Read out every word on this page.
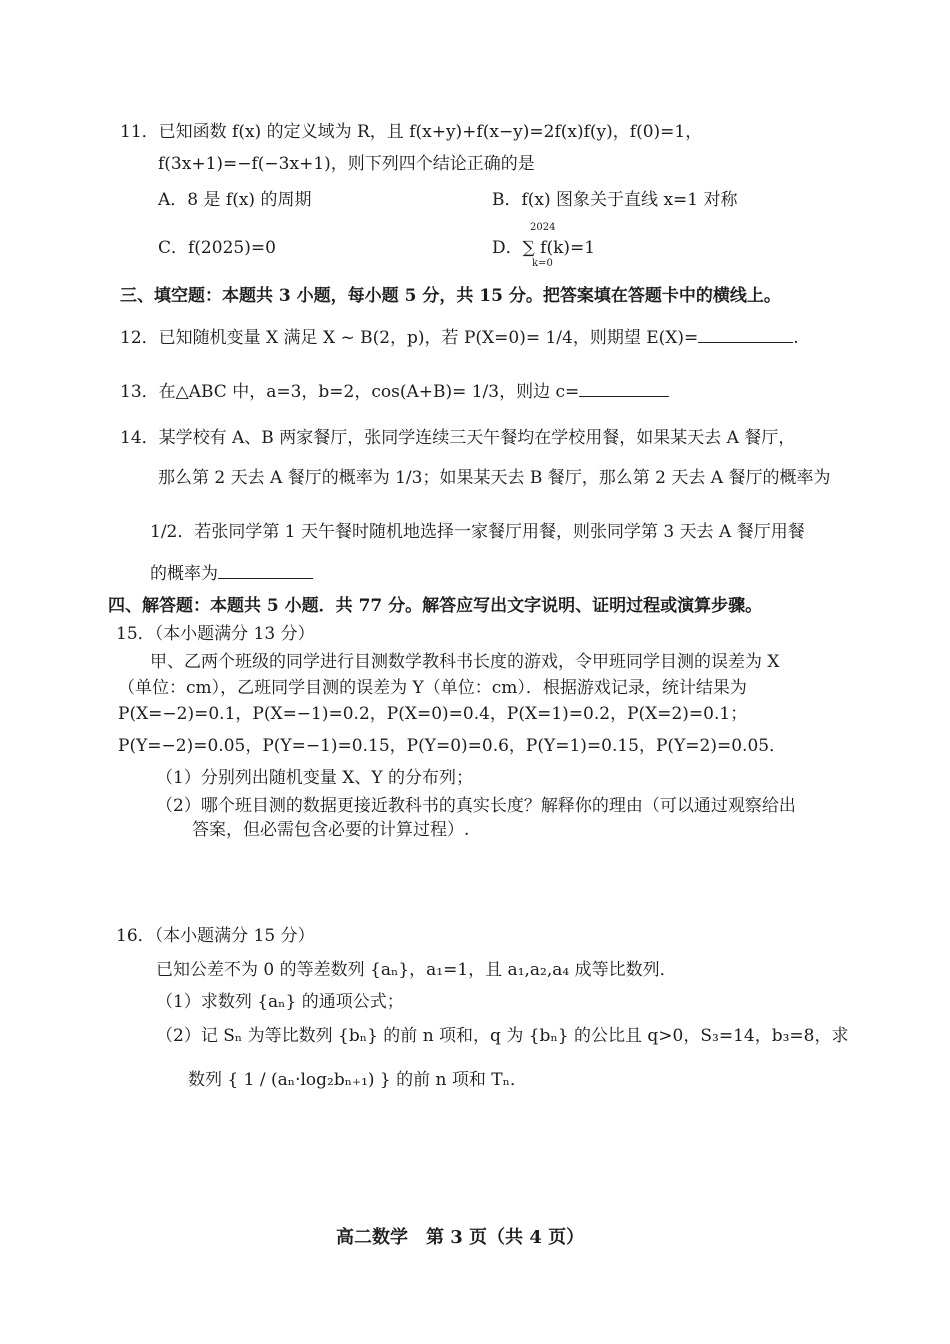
11．已知函数 f(x) 的定义域为 R，且 f(x+y)+f(x−y)=2f(x)f(y)，f(0)=1，
f(3x+1)=−f(−3x+1)，则下列四个结论正确的是
A．8 是 f(x) 的周期	B．f(x) 图象关于直线 x=1 对称
C．f(2025)=0	D．∑ f(k)=1
2024
k=0
三、填空题：本题共 3 小题，每小题 5 分，共 15 分。把答案填在答题卡中的横线上。
12．已知随机变量 X 满足 X ~ B(2，p)，若 P(X=0)= 1/4，则期望 E(X)=	.
13．在△ABC 中，a=3，b=2，cos(A+B)= 1/3，则边 c=
14．某学校有 A、B 两家餐厅，张同学连续三天午餐均在学校用餐，如果某天去 A 餐厅，
那么第 2 天去 A 餐厅的概率为 1/3；如果某天去 B 餐厅，那么第 2 天去 A 餐厅的概率为
1/2．若张同学第 1 天午餐时随机地选择一家餐厅用餐，则张同学第 3 天去 A 餐厅用餐
的概率为
四、解答题：本题共 5 小题．共 77 分。解答应写出文字说明、证明过程或演算步骤。
15．（本小题满分 13 分）
甲、乙两个班级的同学进行目测数学教科书长度的游戏，令甲班同学目测的误差为 X
（单位：cm），乙班同学目测的误差为 Y（单位：cm）．根据游戏记录，统计结果为
P(X=−2)=0.1，P(X=−1)=0.2，P(X=0)=0.4，P(X=1)=0.2，P(X=2)=0.1；
P(Y=−2)=0.05，P(Y=−1)=0.15，P(Y=0)=0.6，P(Y=1)=0.15，P(Y=2)=0.05．
（1）分别列出随机变量 X、Y 的分布列；
（2）哪个班目测的数据更接近教科书的真实长度？解释你的理由（可以通过观察给出
答案，但必需包含必要的计算过程）.
16．（本小题满分 15 分）
已知公差不为 0 的等差数列 {aₙ}，a₁=1，且 a₁,a₂,a₄ 成等比数列．
（1）求数列 {aₙ} 的通项公式；
（2）记 Sₙ 为等比数列 {bₙ} 的前 n 项和，q 为 {bₙ} 的公比且 q>0，S₃=14，b₃=8，求
数列 { 1 / (aₙ·log₂bₙ₊₁) } 的前 n 项和 Tₙ．
高二数学　第 3 页（共 4 页）
